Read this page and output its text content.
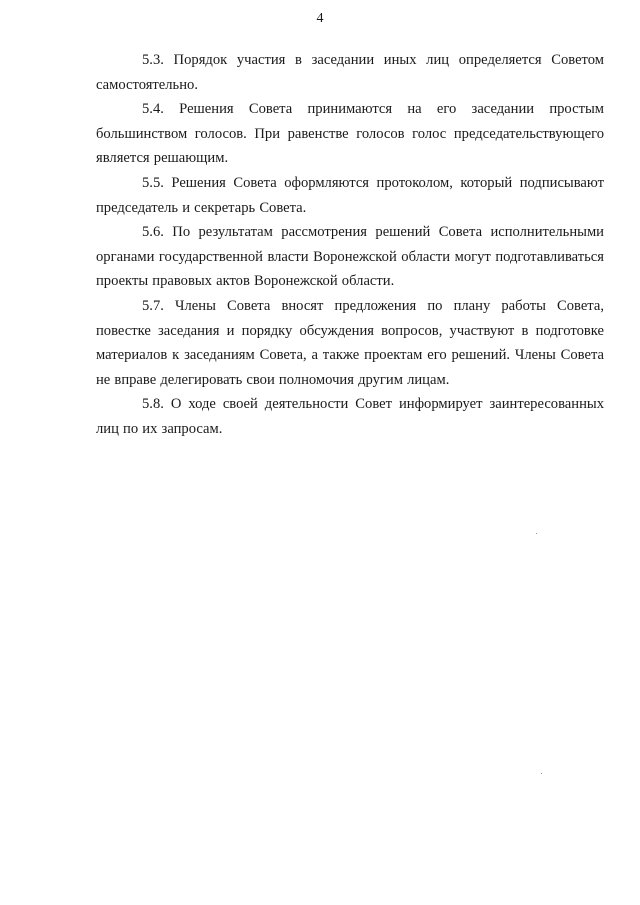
4

5.3. Порядок участия в заседании иных лиц определяется Советом самостоятельно.

5.4. Решения Совета принимаются на его заседании простым большинством голосов. При равенстве голосов голос председательствующего является решающим.

5.5. Решения Совета оформляются протоколом, который подписывают председатель и секретарь Совета.

5.6. По результатам рассмотрения решений Совета исполнительными органами государственной власти Воронежской области могут подготавливаться проекты правовых актов Воронежской области.

5.7. Члены Совета вносят предложения по плану работы Совета, повестке заседания и порядку обсуждения вопросов, участвуют в подготовке материалов к заседаниям Совета, а также проектам его решений. Члены Совета не вправе делегировать свои полномочия другим лицам.

5.8. О ходе своей деятельности Совет информирует заинтересованных лиц по их запросам.
